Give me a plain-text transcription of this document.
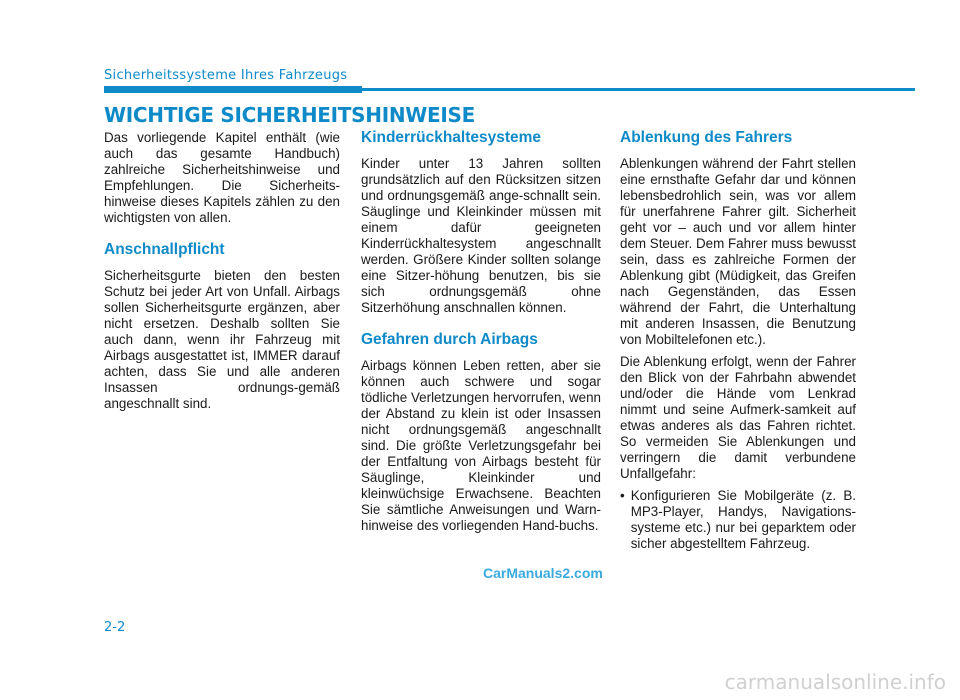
Sicherheitssysteme Ihres Fahrzeugs
WICHTIGE SICHERHEITSHINWEISE

Das vorliegende Kapitel enthält (wie auch das gesamte Handbuch) zahlreiche Sicherheitshinweise und Empfehlungen. Die Sicherheits-hinweise dieses Kapitels zählen zu den wichtigsten von allen.

Anschnallpflicht

Sicherheitsgurte bieten den besten Schutz bei jeder Art von Unfall. Airbags sollen Sicherheitsgurte ergänzen, aber nicht ersetzen. Deshalb sollten Sie auch dann, wenn ihr Fahrzeug mit Airbags ausgestattet ist, IMMER darauf achten, dass Sie und alle anderen Insassen ordnungs-gemäß angeschnallt sind.

Kinderrückhaltesysteme

Kinder unter 13 Jahren sollten grundsätzlich auf den Rücksitzen sitzen und ordnungsgemäß ange-schnallt sein. Säuglinge und Kleinkinder müssen mit einem dafür geeigneten Kinderrückhaltesystem angeschnallt werden. Größere Kinder sollten solange eine Sitzer-höhung benutzen, bis sie sich ordnungsgemäß ohne Sitzerhöhung anschnallen können.

Gefahren durch Airbags

Airbags können Leben retten, aber sie können auch schwere und sogar tödliche Verletzungen hervorrufen, wenn der Abstand zu klein ist oder Insassen nicht ordnungsgemäß angeschnallt sind. Die größte Verletzungsgefahr bei der Entfaltung von Airbags besteht für Säuglinge, Kleinkinder und kleinwüchsige Erwachsene. Beachten Sie sämtliche Anweisungen und Warn-hinweise des vorliegenden Hand-buchs.

Ablenkung des Fahrers

Ablenkungen während der Fahrt stellen eine ernsthafte Gefahr dar und können lebensbedrohlich sein, was vor allem für unerfahrene Fahrer gilt. Sicherheit geht vor – auch und vor allem hinter dem Steuer. Dem Fahrer muss bewusst sein, dass es zahlreiche Formen der Ablenkung gibt (Müdigkeit, das Greifen nach Gegenständen, das Essen während der Fahrt, die Unterhaltung mit anderen Insassen, die Benutzung von Mobiltelefonen etc.).

Die Ablenkung erfolgt, wenn der Fahrer den Blick von der Fahrbahn abwendet und/oder die Hände vom Lenkrad nimmt und seine Aufmerk-samkeit auf etwas anderes als das Fahren richtet. So vermeiden Sie Ablenkungen und verringern die damit verbundene Unfallgefahr:

• Konfigurieren Sie Mobilgeräte (z. B. MP3-Player, Handys, Navigations-systeme etc.) nur bei geparktem oder sicher abgestelltem Fahrzeug.
CarManuals2.com
2-2
carmanualsonline.info
